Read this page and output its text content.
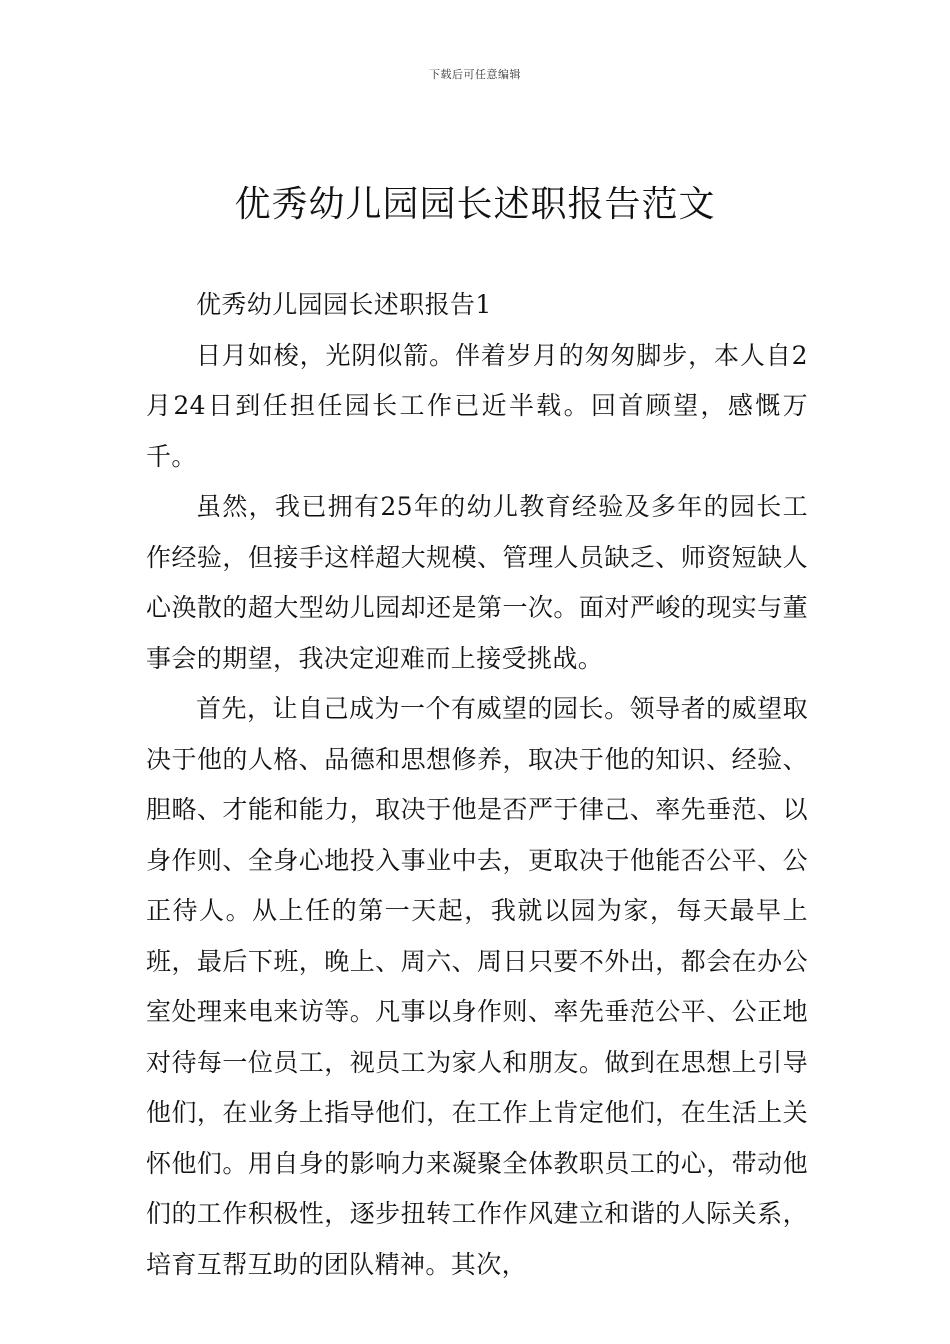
下载后可任意编辑
优秀幼儿园园长述职报告范文

优秀幼儿园园长述职报告1

日月如梭，光阴似箭。伴着岁月的匆匆脚步，本人自2月24日到任担任园长工作已近半载。回首顾望，感慨万千。

虽然，我已拥有25年的幼儿教育经验及多年的园长工作经验，但接手这样超大规模、管理人员缺乏、师资短缺人心涣散的超大型幼儿园却还是第一次。面对严峻的现实与董事会的期望，我决定迎难而上接受挑战。

首先，让自己成为一个有威望的园长。领导者的威望取决于他的人格、品德和思想修养，取决于他的知识、经验、胆略、才能和能力，取决于他是否严于律己、率先垂范、以身作则、全身心地投入事业中去，更取决于他能否公平、公正待人。从上任的第一天起，我就以园为家，每天最早上班，最后下班，晚上、周六、周日只要不外出，都会在办公室处理来电来访等。凡事以身作则、率先垂范公平、公正地对待每一位员工，视员工为家人和朋友。做到在思想上引导他们，在业务上指导他们，在工作上肯定他们，在生活上关怀他们。用自身的影响力来凝聚全体教职员工的心，带动他们的工作积极性，逐步扭转工作作风建立和谐的人际关系，培育互帮互助的团队精神。其次，
